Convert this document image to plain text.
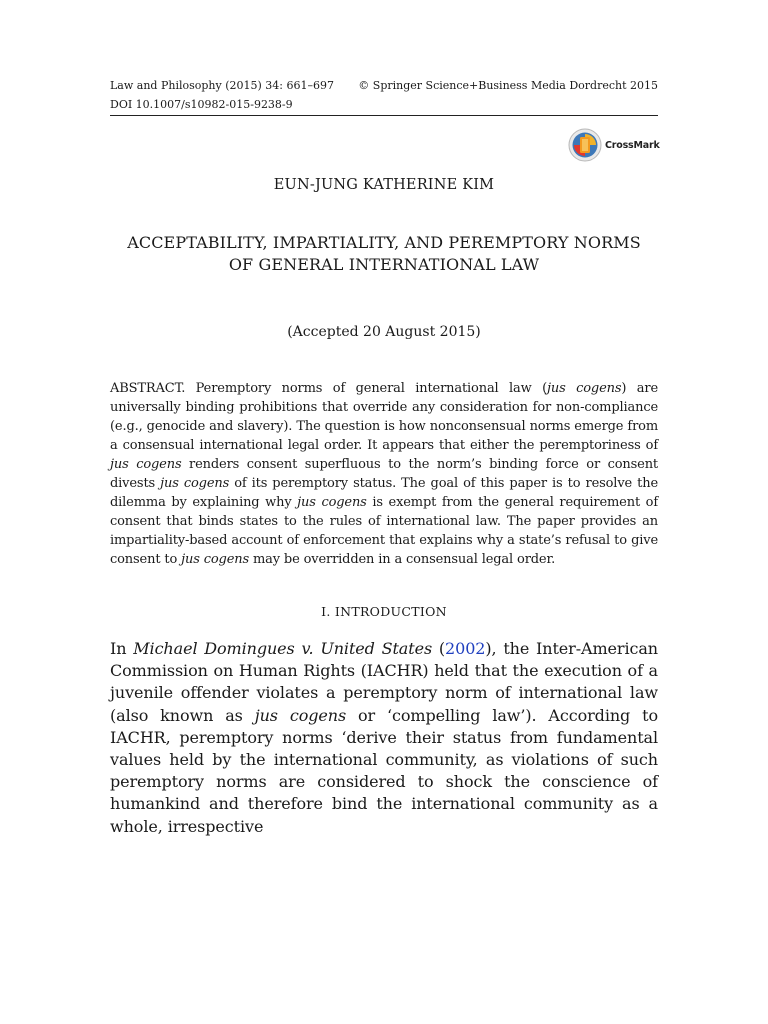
Law and Philosophy (2015) 34: 661–697 © Springer Science+Business Media Dordrecht 2015
DOI 10.1007/s10982-015-9238-9
CrossMark
EUN-JUNG KATHERINE KIM
ACCEPTABILITY, IMPARTIALITY, AND PEREMPTORY NORMS
OF GENERAL INTERNATIONAL LAW
(Accepted 20 August 2015)
ABSTRACT. Peremptory norms of general international law (jus cogens) are universally binding prohibitions that override any consideration for non-compliance (e.g., genocide and slavery). The question is how nonconsensual norms emerge from a consensual international legal order. It appears that either the peremptoriness of jus cogens renders consent superfluous to the norm’s binding force or consent divests jus cogens of its peremptory status. The goal of this paper is to resolve the dilemma by explaining why jus cogens is exempt from the general requirement of consent that binds states to the rules of international law. The paper provides an impartiality-based account of enforcement that explains why a state’s refusal to give consent to jus cogens may be overridden in a consensual legal order.
I. INTRODUCTION
In Michael Domingues v. United States (2002), the Inter-American Commission on Human Rights (IACHR) held that the execution of a juvenile offender violates a peremptory norm of international law (also known as jus cogens or ‘compelling law’). According to IACHR, peremptory norms ‘derive their status from fundamental values held by the international community, as violations of such peremptory norms are considered to shock the conscience of humankind and therefore bind the international community as a whole, irrespective
